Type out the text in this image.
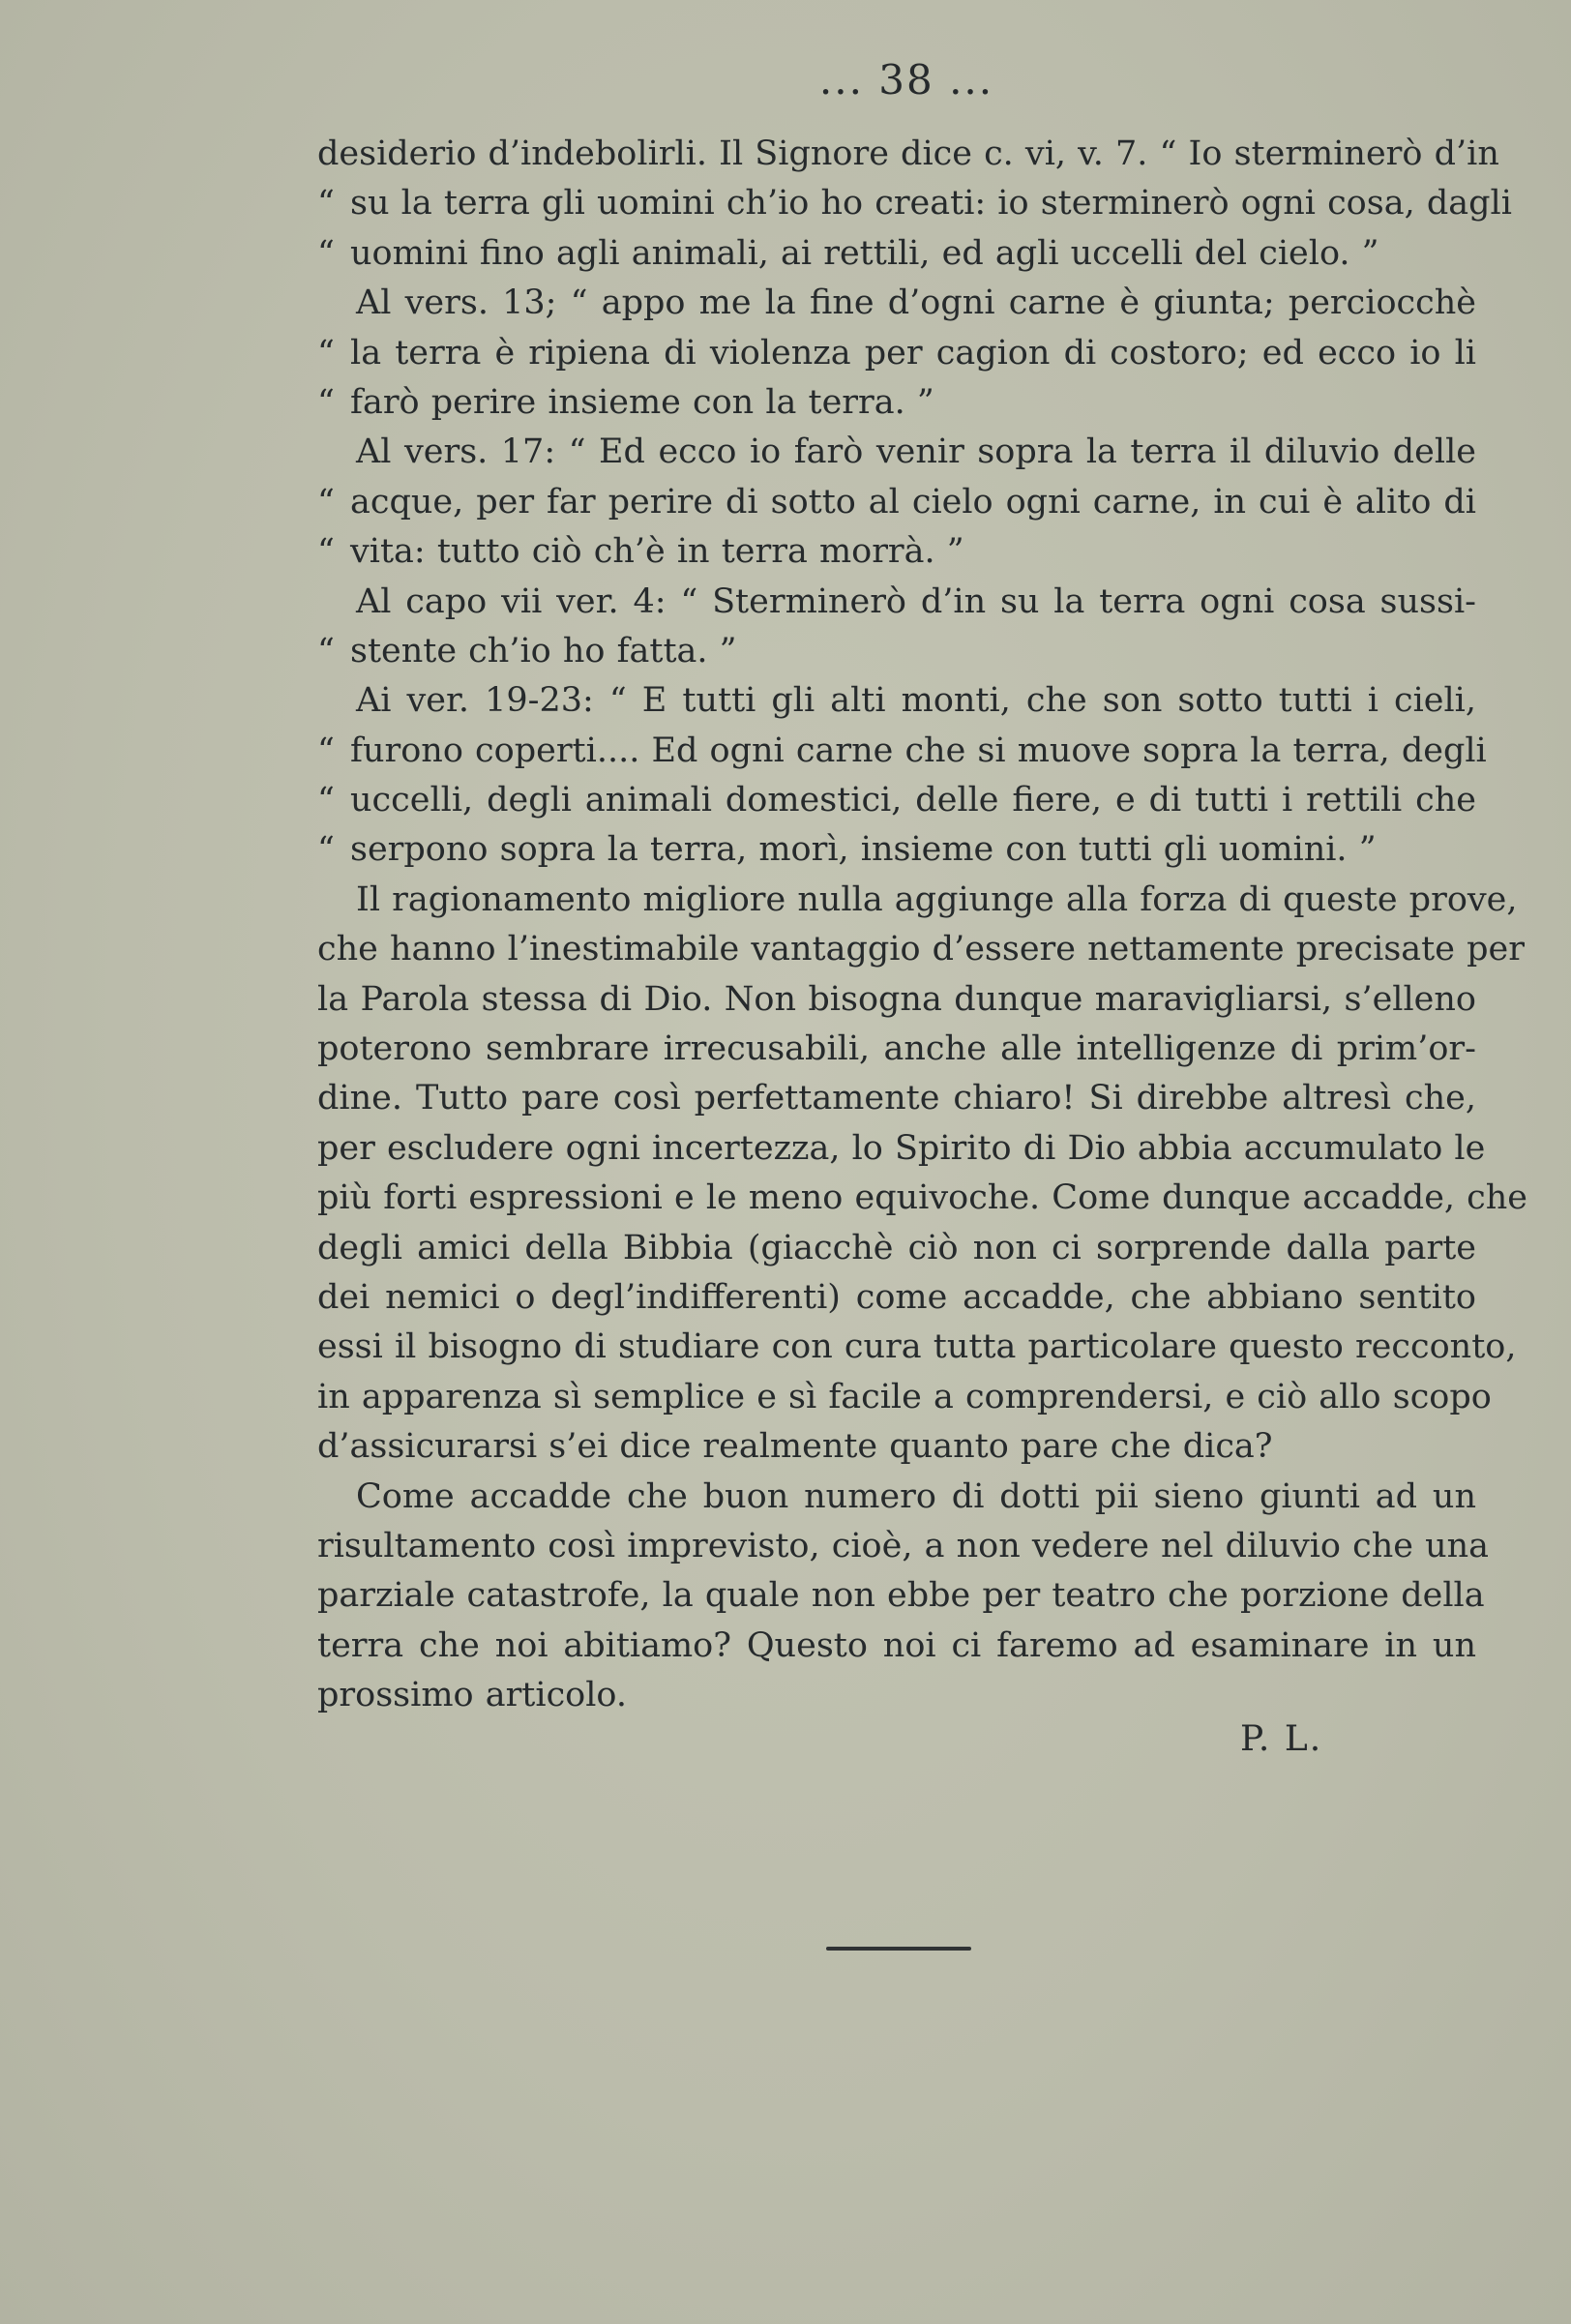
... 38 ...
desiderio d’indebolirli. Il Signore dice c. vi, v. 7. “ Io sterminerò d’in
“ su la terra gli uomini ch’io ho creati: io sterminerò ogni cosa, dagli
“ uomini fino agli animali, ai rettili, ed agli uccelli del cielo. ”
Al vers. 13; “ appo me la fine d’ogni carne è giunta; perciocchè
“ la terra è ripiena di violenza per cagion di costoro; ed ecco io li
“ farò perire insieme con la terra. ”
Al vers. 17: “ Ed ecco io farò venir sopra la terra il diluvio delle
“ acque, per far perire di sotto al cielo ogni carne, in cui è alito di
“ vita: tutto ciò ch’è in terra morrà. ”
Al capo vii ver. 4: “ Sterminerò d’in su la terra ogni cosa sussi-
“ stente ch’io ho fatta. ”
Ai ver. 19-23: “ E tutti gli alti monti, che son sotto tutti i cieli,
“ furono coperti.... Ed ogni carne che si muove sopra la terra, degli
“ uccelli, degli animali domestici, delle fiere, e di tutti i rettili che
“ serpono sopra la terra, morì, insieme con tutti gli uomini. ”
Il ragionamento migliore nulla aggiunge alla forza di queste prove,
che hanno l’inestimabile vantaggio d’essere nettamente precisate per
la Parola stessa di Dio. Non bisogna dunque maravigliarsi, s’elleno
poterono sembrare irrecusabili, anche alle intelligenze di prim’or-
dine. Tutto pare così perfettamente chiaro! Si direbbe altresì che,
per escludere ogni incertezza, lo Spirito di Dio abbia accumulato le
più forti espressioni e le meno equivoche. Come dunque accadde, che
degli amici della Bibbia (giacchè ciò non ci sorprende dalla parte
dei nemici o degl’indifferenti) come accadde, che abbiano sentito
essi il bisogno di studiare con cura tutta particolare questo recconto,
in apparenza sì semplice e sì facile a comprendersi, e ciò allo scopo
d’assicurarsi s’ei dice realmente quanto pare che dica?
Come accadde che buon numero di dotti pii sieno giunti ad un
risultamento così imprevisto, cioè, a non vedere nel diluvio che una
parziale catastrofe, la quale non ebbe per teatro che porzione della
terra che noi abitiamo? Questo noi ci faremo ad esaminare in un
prossimo articolo.
P. L.
